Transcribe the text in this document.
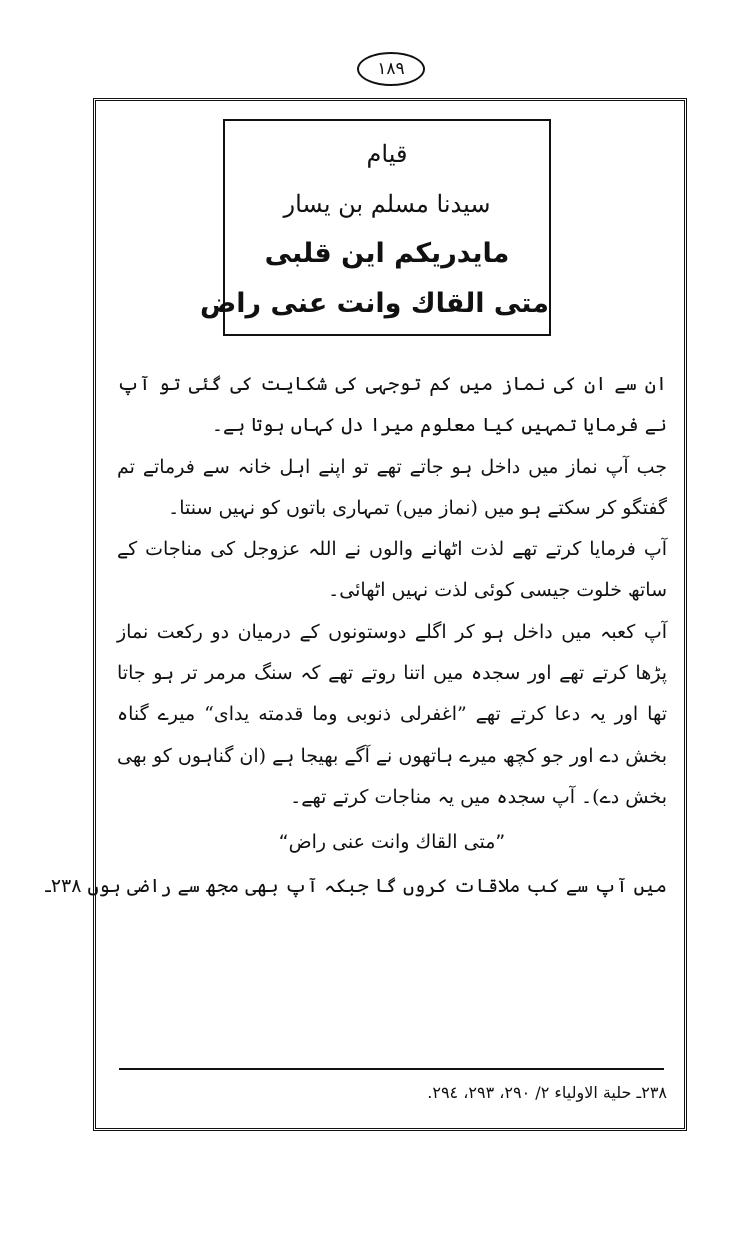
۱۸۹
قیام
سیدنا مسلم بن یسار
مايدريكم اين قلبى
متى القاك وانت عنى راض

ان سے ان کی نماز میں کم توجہی کی شکایت کی گئی تو آپ نے فرمایا تمہیں کیا معلوم میرا دل کہاں ہوتا ہے۔

جب آپ نماز میں داخل ہو جاتے تھے تو اپنے اہل خانہ سے فرماتے تم گفتگو کر سکتے ہو میں (نماز میں) تمہاری باتوں کو نہیں سنتا۔

آپ فرمایا کرتے تھے لذت اٹھانے والوں نے اللہ عزوجل کی مناجات کے ساتھ خلوت جیسی کوئی لذت نہیں اٹھائی۔

آپ کعبہ میں داخل ہو کر اگلے دوستونوں کے درمیان دو رکعت نماز پڑھا کرتے تھے اور سجدہ میں اتنا روتے تھے کہ سنگ مرمر تر ہو جاتا تھا اور یہ دعا کرتے تھے ”اغفرلی ذنوبی وما قدمته یداى“ میرے گناہ بخش دے اور جو کچھ میرے ہاتھوں نے آگے بھیجا ہے (ان گناہوں کو بھی بخش دے)۔ آپ سجدہ میں یہ مناجات کرتے تھے۔

”متى القاك وانت عنى راض“
میں آپ سے کب ملاقات کروں گا جبکہ آپ بھی مجھ سے راضی ہوں ۲۳۸ـ
۲۳۸ـ حلية الاولياء ۲/ ۲۹۰، ۲۹۳، ۲۹٤.
